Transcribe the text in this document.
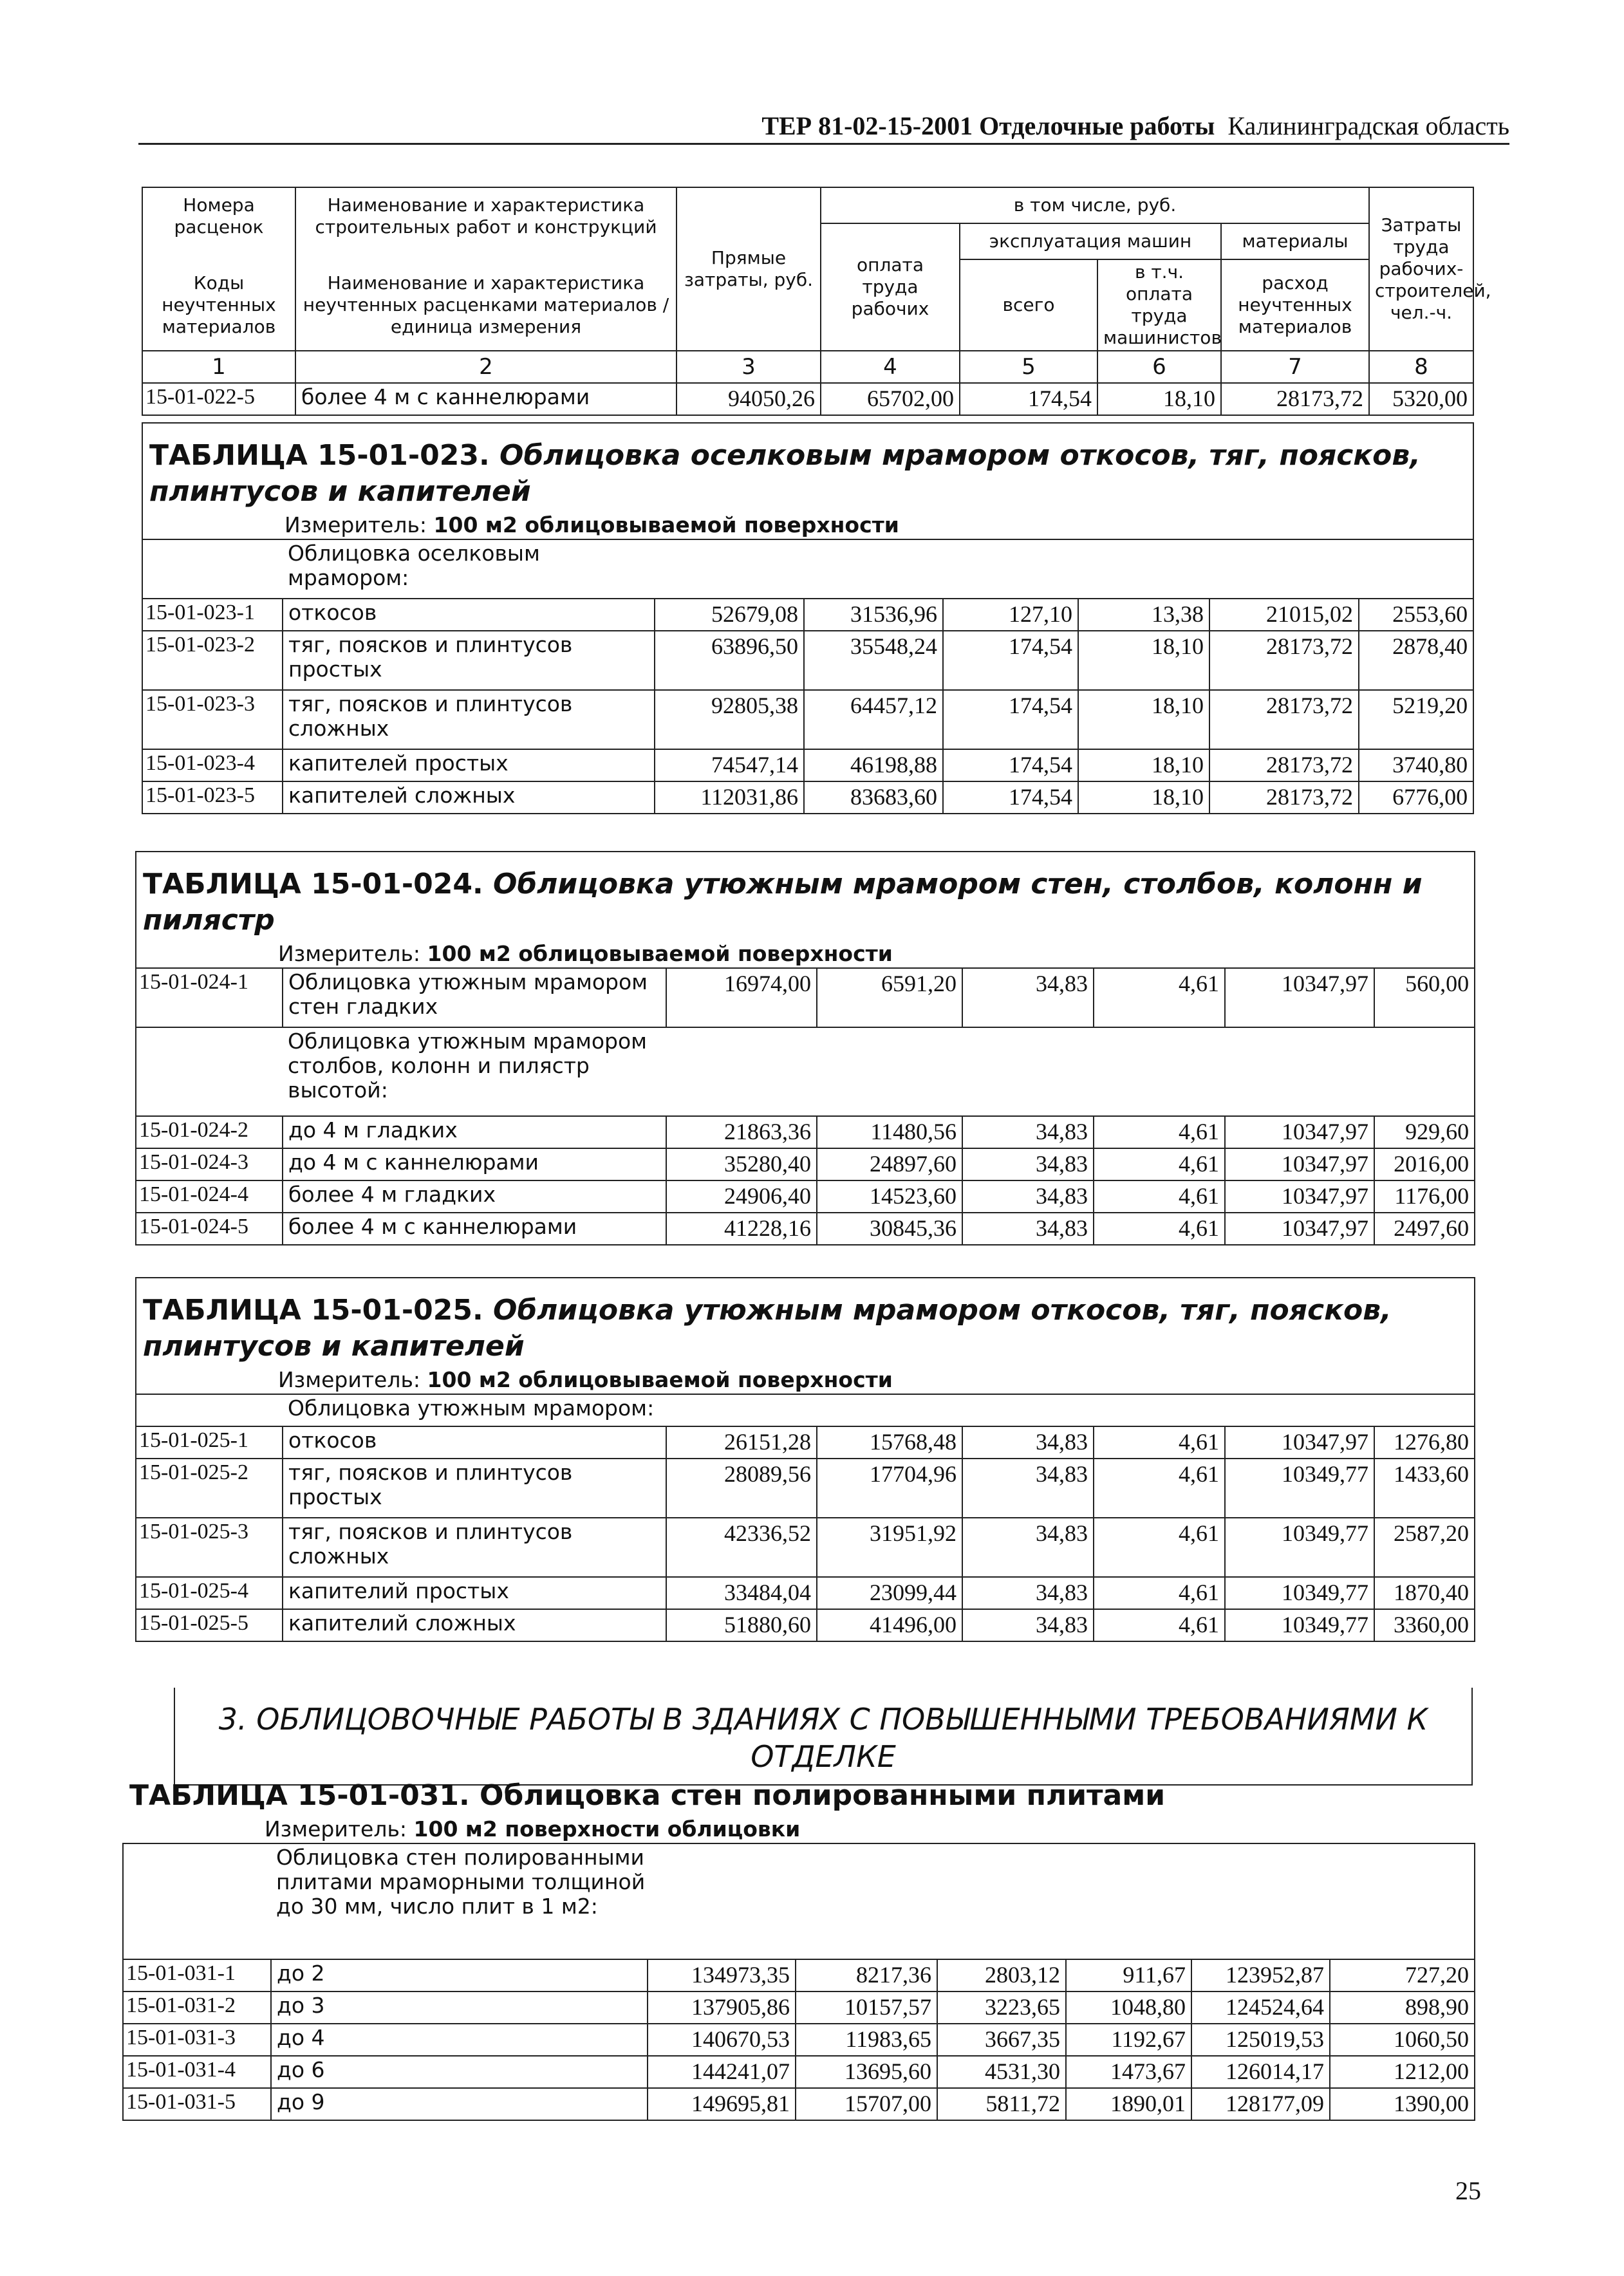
ТЕР 81-02-15-2001 Отделочные работы Калининградская область
Номера расценок	Наименование и характеристика строительных работ и конструкций	Прямые затраты, руб.	в том числе, руб.				Затраты труда рабочих-строителей, чел.-ч.
			оплата труда рабочих	эксплуатация машин		материалы	
Коды неучтенных материалов	Наименование и характеристика неучтенных расценками материалов / единица измерения			всего	в т.ч. оплата труда машинистов	расход неучтенных материалов	

1	2	3	4	5	6	7	8
15-01-022-5	более 4 м с каннелюрами	94050,26	65702,00	174,54	18,10	28173,72	5320,00
ТАБЛИЦА 15-01-023. Облицовка оселковым мрамором откосов, тяг, поясков, плинтусов и капителей							
Измеритель: 100 м2 облицовываемой поверхности							
	Облицовка оселковым мрамором:						
15-01-023-1	откосов	52679,08	31536,96	127,10	13,38	21015,02	2553,60
15-01-023-2	тяг, поясков и плинтусов простых	63896,50	35548,24	174,54	18,10	28173,72	2878,40
15-01-023-3	тяг, поясков и плинтусов сложных	92805,38	64457,12	174,54	18,10	28173,72	5219,20
15-01-023-4	капителей простых	74547,14	46198,88	174,54	18,10	28173,72	3740,80
15-01-023-5	капителей сложных	112031,86	83683,60	174,54	18,10	28173,72	6776,00
ТАБЛИЦА 15-01-024. Облицовка утюжным мрамором стен, столбов, колонн и пилястр							
Измеритель: 100 м2 облицовываемой поверхности							
15-01-024-1	Облицовка утюжным мрамором стен гладких	16974,00	6591,20	34,83	4,61	10347,97	560,00
	Облицовка утюжным мрамором столбов, колонн и пилястр высотой:						
15-01-024-2	до 4 м гладких	21863,36	11480,56	34,83	4,61	10347,97	929,60
15-01-024-3	до 4 м с каннелюрами	35280,40	24897,60	34,83	4,61	10347,97	2016,00
15-01-024-4	более 4 м гладких	24906,40	14523,60	34,83	4,61	10347,97	1176,00
15-01-024-5	более 4 м с каннелюрами	41228,16	30845,36	34,83	4,61	10347,97	2497,60
ТАБЛИЦА 15-01-025. Облицовка утюжным мрамором откосов, тяг, поясков, плинтусов и капителей							
Измеритель: 100 м2 облицовываемой поверхности							
	Облицовка утюжным мрамором:						
15-01-025-1	откосов	26151,28	15768,48	34,83	4,61	10347,97	1276,80
15-01-025-2	тяг, поясков и плинтусов простых	28089,56	17704,96	34,83	4,61	10349,77	1433,60
15-01-025-3	тяг, поясков и плинтусов сложных	42336,52	31951,92	34,83	4,61	10349,77	2587,20
15-01-025-4	капителий простых	33484,04	23099,44	34,83	4,61	10349,77	1870,40
15-01-025-5	капителий сложных	51880,60	41496,00	34,83	4,61	10349,77	3360,00
3. ОБЛИЦОВОЧНЫЕ РАБОТЫ В ЗДАНИЯХ С ПОВЫШЕННЫМИ ТРЕБОВАНИЯМИ К ОТДЕЛКЕ
ТАБЛИЦА 15-01-031. Облицовка стен полированными плитами							
Измеритель: 100 м2 поверхности облицовки							
	Облицовка стен полированными плитами мраморными толщиной до 30 мм, число плит в 1 м2:						
15-01-031-1	до 2	134973,35	8217,36	2803,12	911,67	123952,87	727,20
15-01-031-2	до 3	137905,86	10157,57	3223,65	1048,80	124524,64	898,90
15-01-031-3	до 4	140670,53	11983,65	3667,35	1192,67	125019,53	1060,50
15-01-031-4	до 6	144241,07	13695,60	4531,30	1473,67	126014,17	1212,00
15-01-031-5	до 9	149695,81	15707,00	5811,72	1890,01	128177,09	1390,00
25
